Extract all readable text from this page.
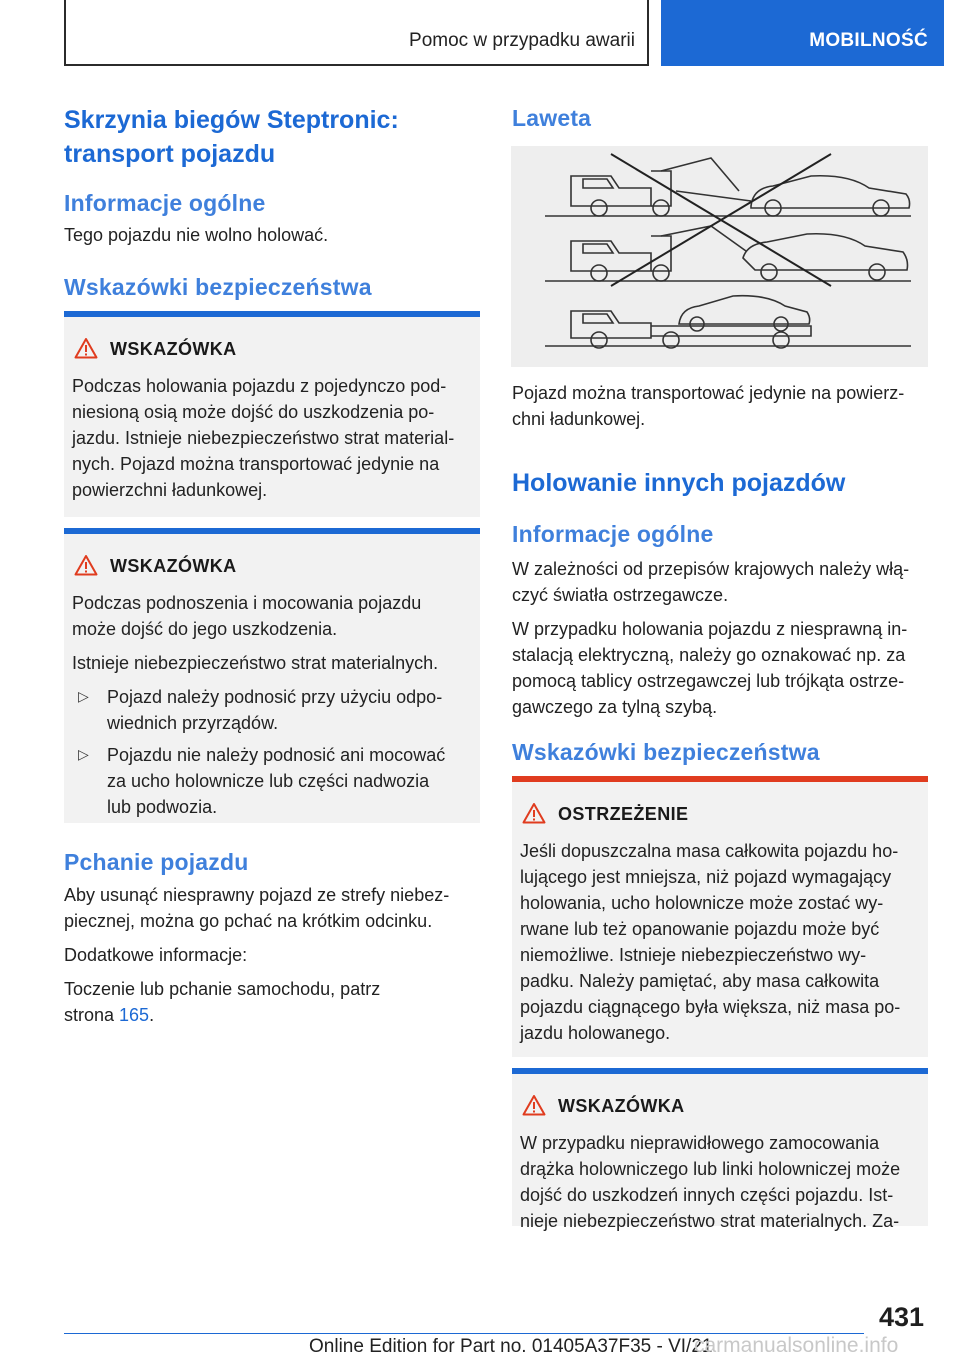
Pomoc w przypadku awarii	MOBILNOŚĆ
Skrzynia biegów Steptronic:
transport pojazdu
Informacje ogólne
Tego pojazdu nie wolno holować.
Wskazówki bezpieczeństwa
WSKAZÓWKA
Podczas holowania pojazdu z pojedynczo pod-
niesioną osią może dojść do uszkodzenia po-
jazdu. Istnieje niebezpieczeństwo strat material-
nych. Pojazd można transportować jedynie na
powierzchni ładunkowej.
WSKAZÓWKA
Podczas podnoszenia i mocowania pojazdu
może dojść do jego uszkodzenia.
Istnieje niebezpieczeństwo strat materialnych.
▷ Pojazd należy podnosić przy użyciu odpo-
wiednich przyrządów.
▷ Pojazdu nie należy podnosić ani mocować
za ucho holownicze lub części nadwozia
lub podwozia.
Pchanie pojazdu
Aby usunąć niesprawny pojazd ze strefy niebez-
piecznej, można go pchać na krótkim odcinku.
Dodatkowe informacje:
Toczenie lub pchanie samochodu, patrz
strona 165.
Laweta
Pojazd można transportować jedynie na powierz-
chni ładunkowej.
Holowanie innych pojazdów
Informacje ogólne
W zależności od przepisów krajowych należy włą-
czyć światła ostrzegawcze.
W przypadku holowania pojazdu z niesprawną in-
stalacją elektryczną, należy go oznakować np. za
pomocą tablicy ostrzegawczej lub trójkąta ostrze-
gawczego za tylną szybą.
Wskazówki bezpieczeństwa
OSTRZEŻENIE
Jeśli dopuszczalna masa całkowita pojazdu ho-
lującego jest mniejsza, niż pojazd wymagający
holowania, ucho holownicze może zostać wy-
rwane lub też opanowanie pojazdu może być
niemożliwe. Istnieje niebezpieczeństwo wy-
padku. Należy pamiętać, aby masa całkowita
pojazdu ciągnącego była większa, niż masa po-
jazdu holowanego.
WSKAZÓWKA
W przypadku nieprawidłowego zamocowania
drążka holowniczego lub linki holowniczej może
dojść do uszkodzeń innych części pojazdu. Ist-
nieje niebezpieczeństwo strat materialnych. Za-
431
Online Edition for Part no. 01405A37F35 - VI/21
carmanualsonline.info
